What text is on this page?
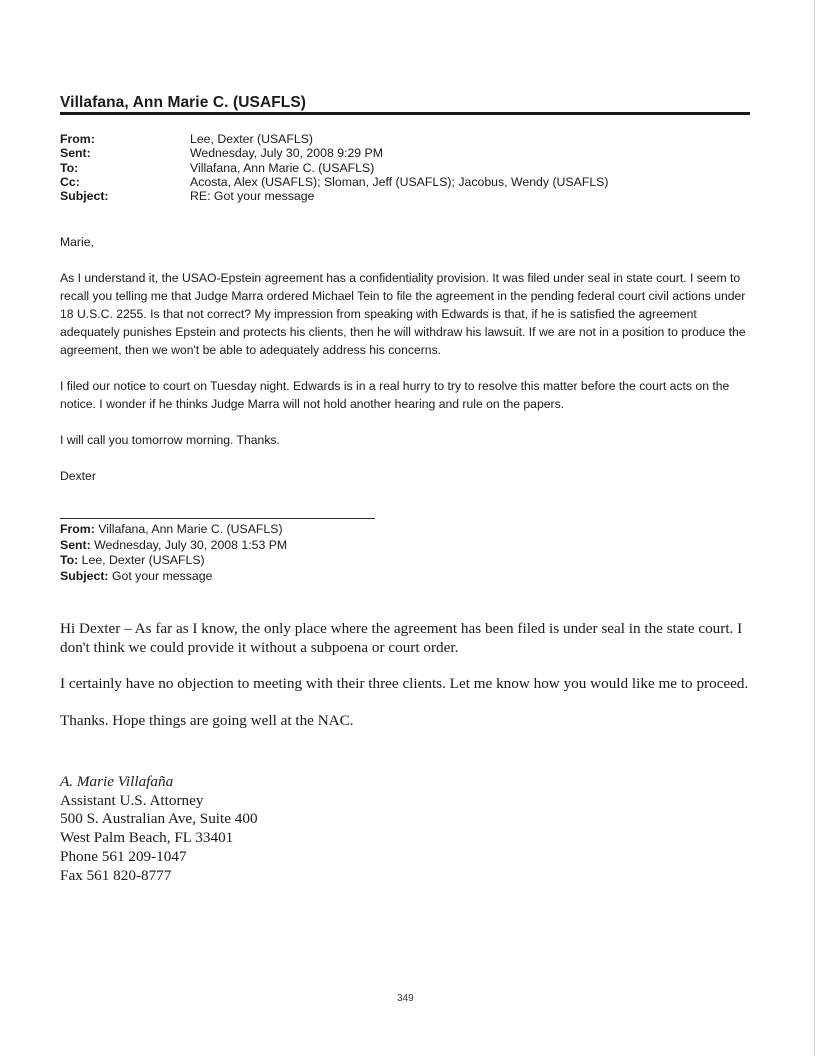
Villafana, Ann Marie C. (USAFLS)
From:	Lee, Dexter (USAFLS)
Sent:	Wednesday, July 30, 2008 9:29 PM
To:	Villafana, Ann Marie C. (USAFLS)
Cc:	Acosta, Alex (USAFLS); Sloman, Jeff (USAFLS); Jacobus, Wendy (USAFLS)
Subject:	RE: Got your message

Marie,

As I understand it, the USAO-Epstein agreement has a confidentiality provision. It was filed under seal in state court. I seem to recall you telling me that Judge Marra ordered Michael Tein to file the agreement in the pending federal court civil actions under 18 U.S.C. 2255. Is that not correct? My impression from speaking with Edwards is that, if he is satisfied the agreement adequately punishes Epstein and protects his clients, then he will withdraw his lawsuit. If we are not in a position to produce the agreement, then we won't be able to adequately address his concerns.

I filed our notice to court on Tuesday night. Edwards is in a real hurry to try to resolve this matter before the court acts on the notice. I wonder if he thinks Judge Marra will not hold another hearing and rule on the papers.

I will call you tomorrow morning. Thanks.

Dexter

From: Villafana, Ann Marie C. (USAFLS)
Sent: Wednesday, July 30, 2008 1:53 PM
To: Lee, Dexter (USAFLS)
Subject: Got your message

Hi Dexter – As far as I know, the only place where the agreement has been filed is under seal in the state court. I don't think we could provide it without a subpoena or court order.

I certainly have no objection to meeting with their three clients. Let me know how you would like me to proceed.

Thanks. Hope things are going well at the NAC.

A. Marie Villafaña
Assistant U.S. Attorney
500 S. Australian Ave, Suite 400
West Palm Beach, FL 33401
Phone 561 209-1047
Fax 561 820-8777
349
